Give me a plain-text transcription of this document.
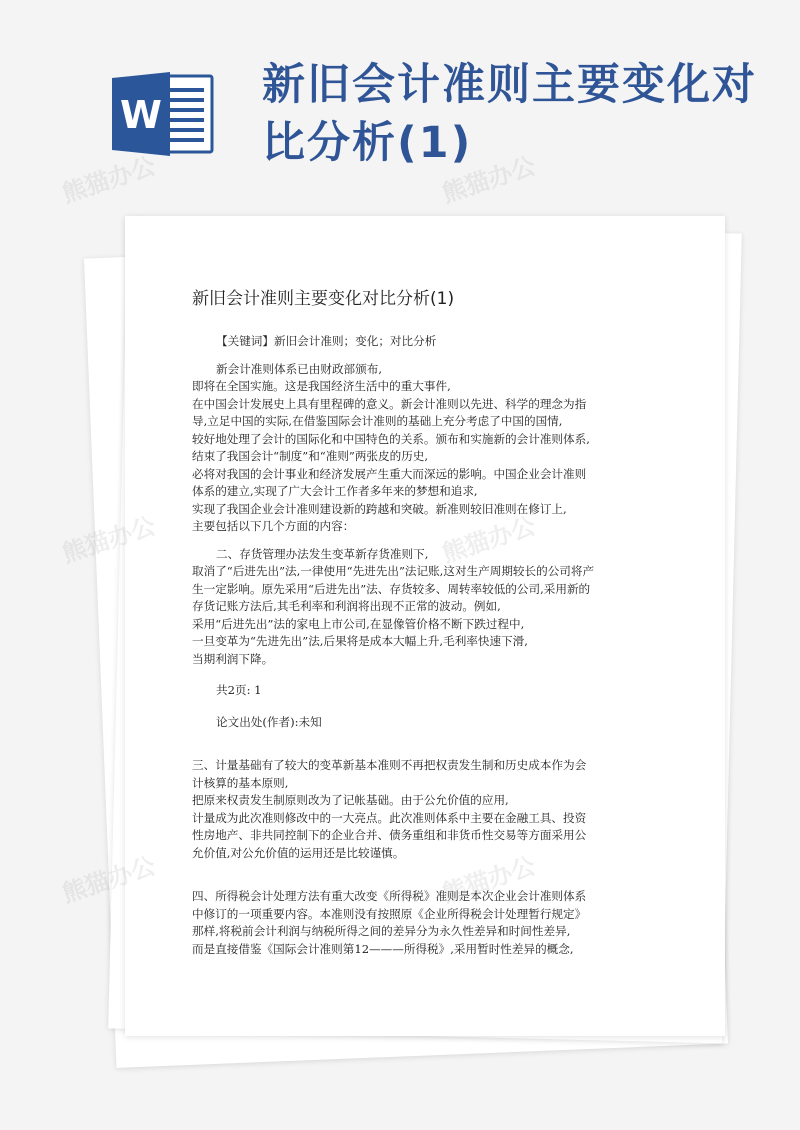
W
新旧会计准则主要变化对比分析(1)
新旧会计准则主要变化对比分析(1)

【关键词】新旧会计准则；变化；对比分析

新会计准则体系已由财政部颁布,

即将在全国实施。这是我国经济生活中的重大事件,

在中国会计发展史上具有里程碑的意义。新会计准则以先进、科学的理念为指

导,立足中国的实际,在借鉴国际会计准则的基础上充分考虑了中国的国情,

较好地处理了会计的国际化和中国特色的关系。颁布和实施新的会计准则体系,

结束了我国会计“制度”和“准则”两张皮的历史,

必将对我国的会计事业和经济发展产生重大而深远的影响。中国企业会计准则

体系的建立,实现了广大会计工作者多年来的梦想和追求,

实现了我国企业会计准则建设新的跨越和突破。新准则较旧准则在修订上,

主要包括以下几个方面的内容：

二、存货管理办法发生变革新存货准则下,

取消了“后进先出”法,一律使用“先进先出”法记账,这对生产周期较长的公司将产

生一定影响。原先采用“后进先出”法、存货较多、周转率较低的公司,采用新的

存货记账方法后,其毛利率和利润将出现不正常的波动。例如,

采用“后进先出”法的家电上市公司,在显像管价格不断下跌过程中,

一旦变革为“先进先出”法,后果将是成本大幅上升,毛利率快速下滑,

当期利润下降。

共2页: 1

论文出处(作者):未知

三、计量基础有了较大的变革新基本准则不再把权责发生制和历史成本作为会

计核算的基本原则,

把原来权责发生制原则改为了记帐基础。由于公允价值的应用,

计量成为此次准则修改中的一大亮点。此次准则体系中主要在金融工具、投资

性房地产、非共同控制下的企业合并、债务重组和非货币性交易等方面采用公

允价值,对公允价值的运用还是比较谨慎。

四、所得税会计处理方法有重大改变《所得税》准则是本次企业会计准则体系

中修订的一项重要内容。本准则没有按照原《企业所得税会计处理暂行规定》

那样,将税前会计利润与纳税所得之间的差异分为永久性差异和时间性差异,

而是直接借鉴《国际会计准则第12———所得税》,采用暂时性差异的概念,

熊猫办公	熊猫办公
